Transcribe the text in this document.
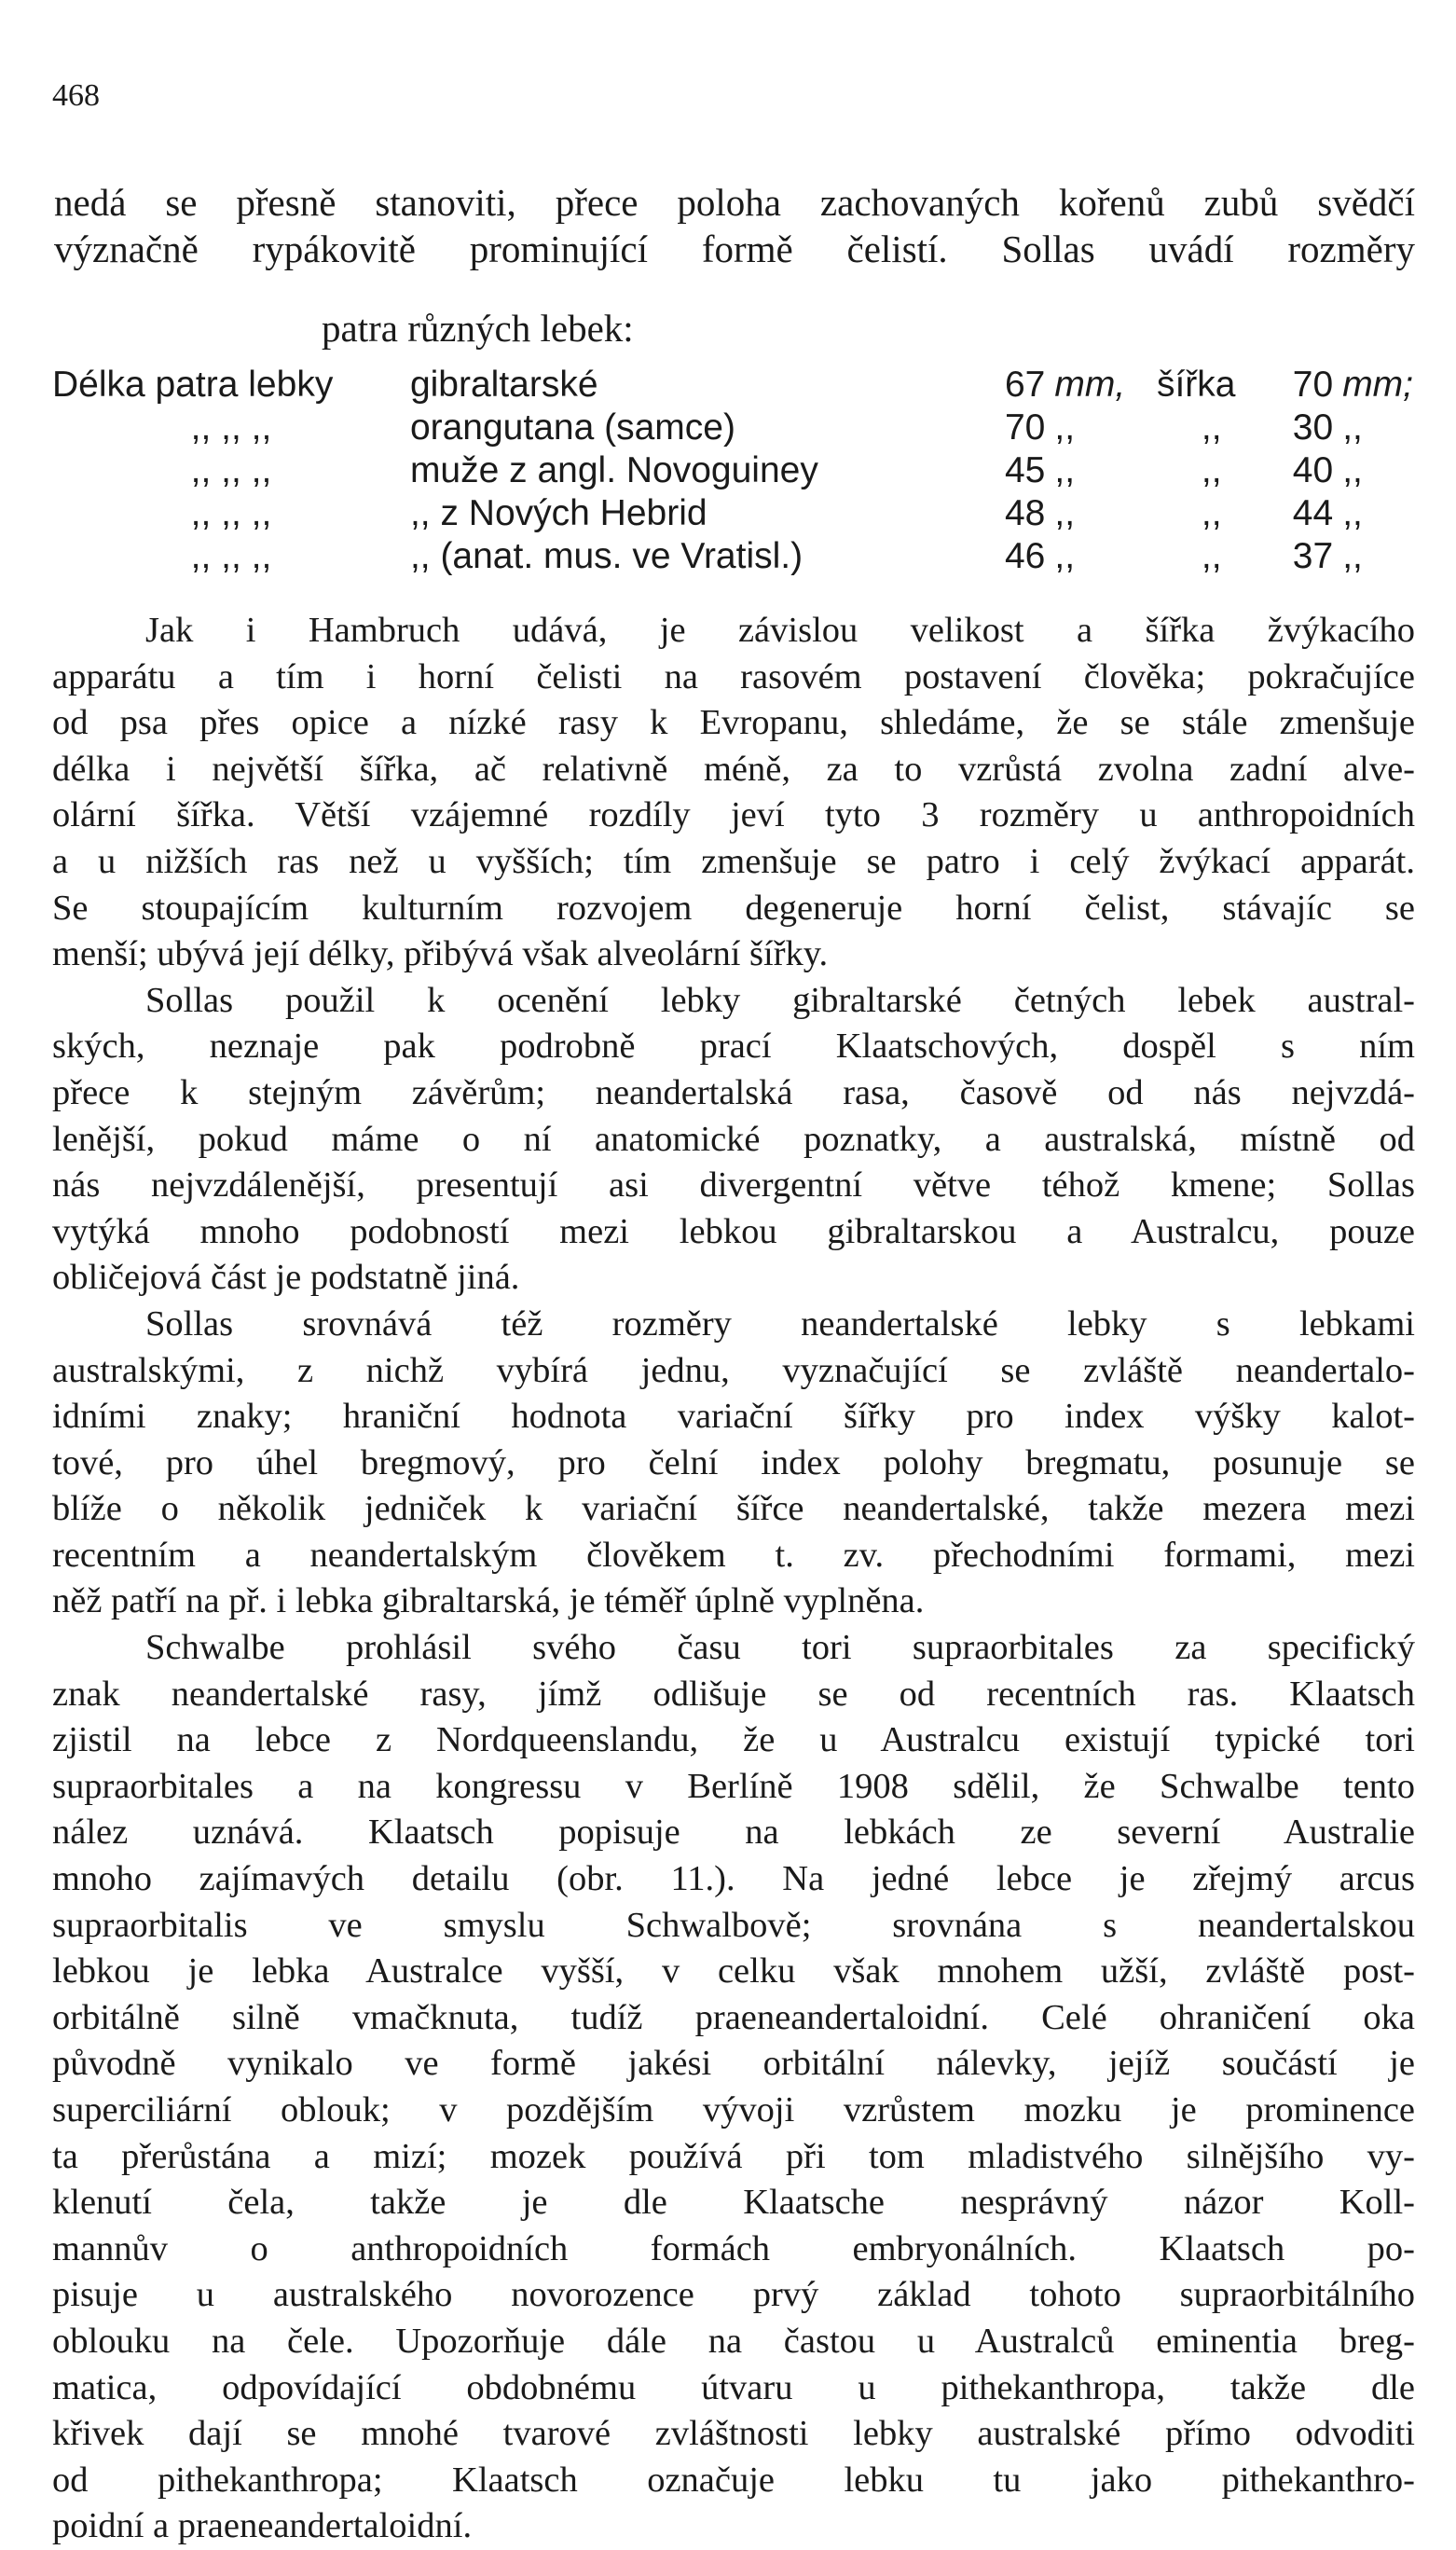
468
nedá se přesně stanoviti, přece poloha zachovaných kořenů zubů svědčí
význačně rypákovitě prominující formě čelistí. Sollas uvádí rozměry
patra různých lebek:
Délka patra lebky	gibraltarské	67	mm,	šířka	70	mm;
,, ,, ,,	orangutana (samce)	70	,,	,,	30	,,
,, ,, ,,	muže z angl. Novoguiney	45	,,	,,	40	,,
,, ,, ,,	,, z Nových Hebrid	48	,,	,,	44	,,
,, ,, ,,	,, (anat. mus. ve Vratisl.)	46	,,	,,	37	,,
Jak i Hambruch udává, je závislou velikost a šířka žvýkacího
apparátu a tím i horní čelisti na rasovém postavení člověka; pokračujíce
od psa přes opice a nízké rasy k Evropanu, shledáme, že se stále zmenšuje
délka i největší šířka, ač relativně méně, za to vzrůstá zvolna zadní alve-
olární šířka. Větší vzájemné rozdíly jeví tyto 3 rozměry u anthropoidních
a u nižších ras než u vyšších; tím zmenšuje se patro i celý žvýkací apparát.
Se stoupajícím kulturním rozvojem degeneruje horní čelist, stávajíc se
menší; ubývá její délky, přibývá však alveolární šířky.
Sollas použil k ocenění lebky gibraltarské četných lebek austral-
ských, neznaje pak podrobně prací Klaatschových, dospěl s ním
přece k stejným závěrům; neandertalská rasa, časově od nás nejvzdá-
lenější, pokud máme o ní anatomické poznatky, a australská, místně od
nás nejvzdálenější, presentují asi divergentní větve téhož kmene; Sollas
vytýká mnoho podobností mezi lebkou gibraltarskou a Australcu, pouze
obličejová část je podstatně jiná.
Sollas srovnává též rozměry neandertalské lebky s lebkami
australskými, z nichž vybírá jednu, vyznačující se zvláště neandertalo-
idními znaky; hraniční hodnota variační šířky pro index výšky kalot-
tové, pro úhel bregmový, pro čelní index polohy bregmatu, posunuje se
blíže o několik jedniček k variační šířce neandertalské, takže mezera mezi
recentním a neandertalským člověkem t. zv. přechodními formami, mezi
něž patří na př. i lebka gibraltarská, je téměř úplně vyplněna.
Schwalbe prohlásil svého času tori supraorbitales za specifický
znak neandertalské rasy, jímž odlišuje se od recentních ras. Klaatsch
zjistil na lebce z Nordqueenslandu, že u Australcu existují typické tori
supraorbitales a na kongressu v Berlíně 1908 sdělil, že Schwalbe tento
nález uznává. Klaatsch popisuje na lebkách ze severní Australie
mnoho zajímavých detailu (obr. 11.). Na jedné lebce je zřejmý arcus
supraorbitalis ve smyslu Schwalbově; srovnána s neandertalskou
lebkou je lebka Australce vyšší, v celku však mnohem užší, zvláště post-
orbitálně silně vmačknuta, tudíž praeneandertaloidní. Celé ohraničení oka
původně vynikalo ve formě jakési orbitální nálevky, jejíž součástí je
superciliární oblouk; v pozdějším vývoji vzrůstem mozku je prominence
ta přerůstána a mizí; mozek používá při tom mladistvého silnějšího vy-
klenutí čela, takže je dle Klaatsche nesprávný názor Koll-
mannův o anthropoidních formách embryonálních. Klaatsch po-
pisuje u australského novorozence prvý základ tohoto supraorbitálního
oblouku na čele. Upozorňuje dále na častou u Australců eminentia breg-
matica, odpovídající obdobnému útvaru u pithekanthropa, takže dle
křivek dají se mnohé tvarové zvláštnosti lebky australské přímo odvoditi
od pithekanthropa; Klaatsch označuje lebku tu jako pithekanthro-
poidní a praeneandertaloidní.
